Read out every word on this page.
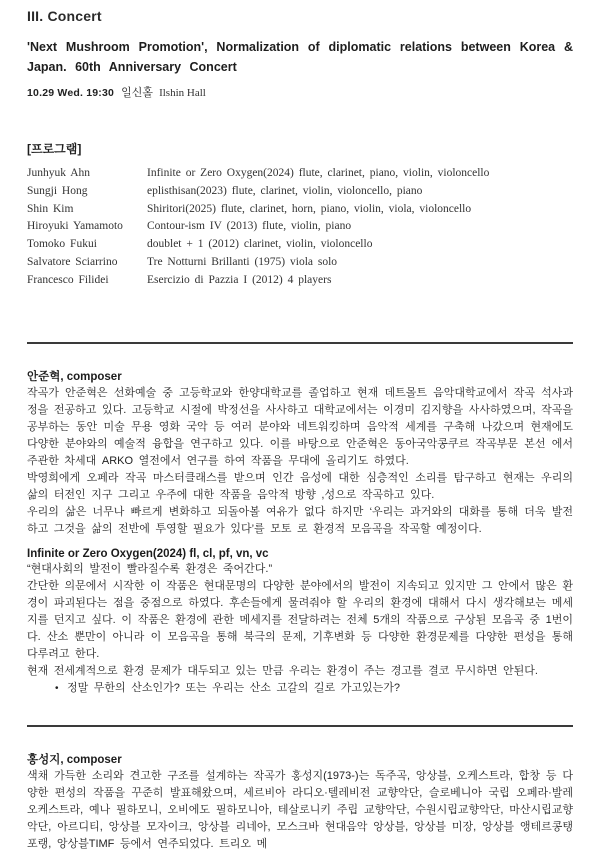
III. Concert

'Next Mushroom Promotion', Normalization of diplomatic relations between Korea & Japan. 60th Anniversary Concert

10.29 Wed. 19:30 일신홀 Ilshin Hall

[프로그램]
Junhyuk Ahn	Infinite or Zero Oxygen(2024) flute, clarinet, piano, violin, violoncello
Sungji Hong	eplisthisan(2023) flute, clarinet, violin, violoncello, piano
Shin Kim	Shiritori(2025) flute, clarinet, horn, piano, violin, viola, violoncello
Hiroyuki Yamamoto	Contour-ism IV (2013) flute, violin, piano
Tomoko Fukui	doublet + 1 (2012) clarinet, violin, violoncello
Salvatore Sciarrino	Tre Notturni Brillanti (1975) viola solo
Francesco Filidei	Esercizio di Pazzia I (2012) 4 players
안준혁, composer

작곡가 안준혁은 선화예술 중 고등학교와 한양대학교를 졸업하고 현재 데트몰트 음악대학교에서 작곡 석사과정을 전공하고 있다. 고등학교 시절에 박정선을 사사하고 대학교에서는 이경미 김지향을 사사하였으며, 작곡을 공부하는 동안 미술 무용 영화 국악 등 여러 분야와 네트워킹하며 음악적 세계를 구축해 나갔으며 현재에도 다양한 분야와의 예술적 융합을 연구하고 있다. 이를 바탕으로 안준혁은 동아국악콩쿠르 작곡부문 본선 에서 주관한 차세대 ARKO 열전에서 연구를 하여 작품을 무대에 올리기도 하였다.

박영희에게 오페라 작곡 마스터클래스를 받으며 인간 음성에 대한 심층적인 소리를 탐구하고 현재는 우리의 삶의 터전인 지구 그리고 우주에 대한 작품을 음악적 방향 ,성으로 작곡하고 있다.

우리의 삶은 너무나 빠르게 변화하고 되돌아볼 여유가 없다 하지만 ‘우리는 과거와의 대화를 통해 더욱 발전하고 그것을 삶의 전반에 투영할 필요가 있다’를 모토 로 환경적 모음곡을 작곡할 예정이다.

Infinite or Zero Oxygen(2024) fl, cl, pf, vn, vc

“현대사회의 발전이 빨라질수록 환경은 죽어간다.”

간단한 의문에서 시작한 이 작품은 현대문명의 다양한 분야에서의 발전이 지속되고 있지만 그 안에서 많은 환경이 파괴된다는 점을 중점으로 하였다. 후손들에게 물려줘야 할 우리의 환경에 대해서 다시 생각해보는 메세지를 던지고 싶다. 이 작품은 환경에 관한 메세지를 전달하려는 전체 5개의 작품으로 구상된 모음곡 중 1번이다. 산소 뿐만이 아니라 이 모음곡을 통해 북극의 문제, 기후변화 등 다양한 환경문제를 다양한 편성을 통해다루려고 한다.

현재 전세계적으로 환경 문제가 대두되고 있는 만큼 우리는 환경이 주는 경고를 결코 무시하면 안된다.

• 정말 무한의 산소인가? 또는 우리는 산소 고갈의 길로 가고있는가?
홍성지, composer

색채 가득한 소리와 견고한 구조를 설계하는 작곡가 홍성지(1973-)는 독주곡, 앙상블, 오케스트라, 합창 등 다양한 편성의 작품을 꾸준히 발표해왔으며, 세르비아 라디오·텔레비전 교향악단, 슬로베니아 국립 오페라·발레 오케스트라, 예나 필하모니, 오비에도 필하모니아, 테살로니키 주립 교향악단, 수원시립교향악단, 마산시립교향악단, 아르디티, 앙상블 모자이크, 앙상블 리네아, 모스크바 현대음악 앙상블, 앙상블 미장, 앙상블 앵테르콩탱포랭, 앙상블TIMF 등에서 연주되었다. 트리오 메
